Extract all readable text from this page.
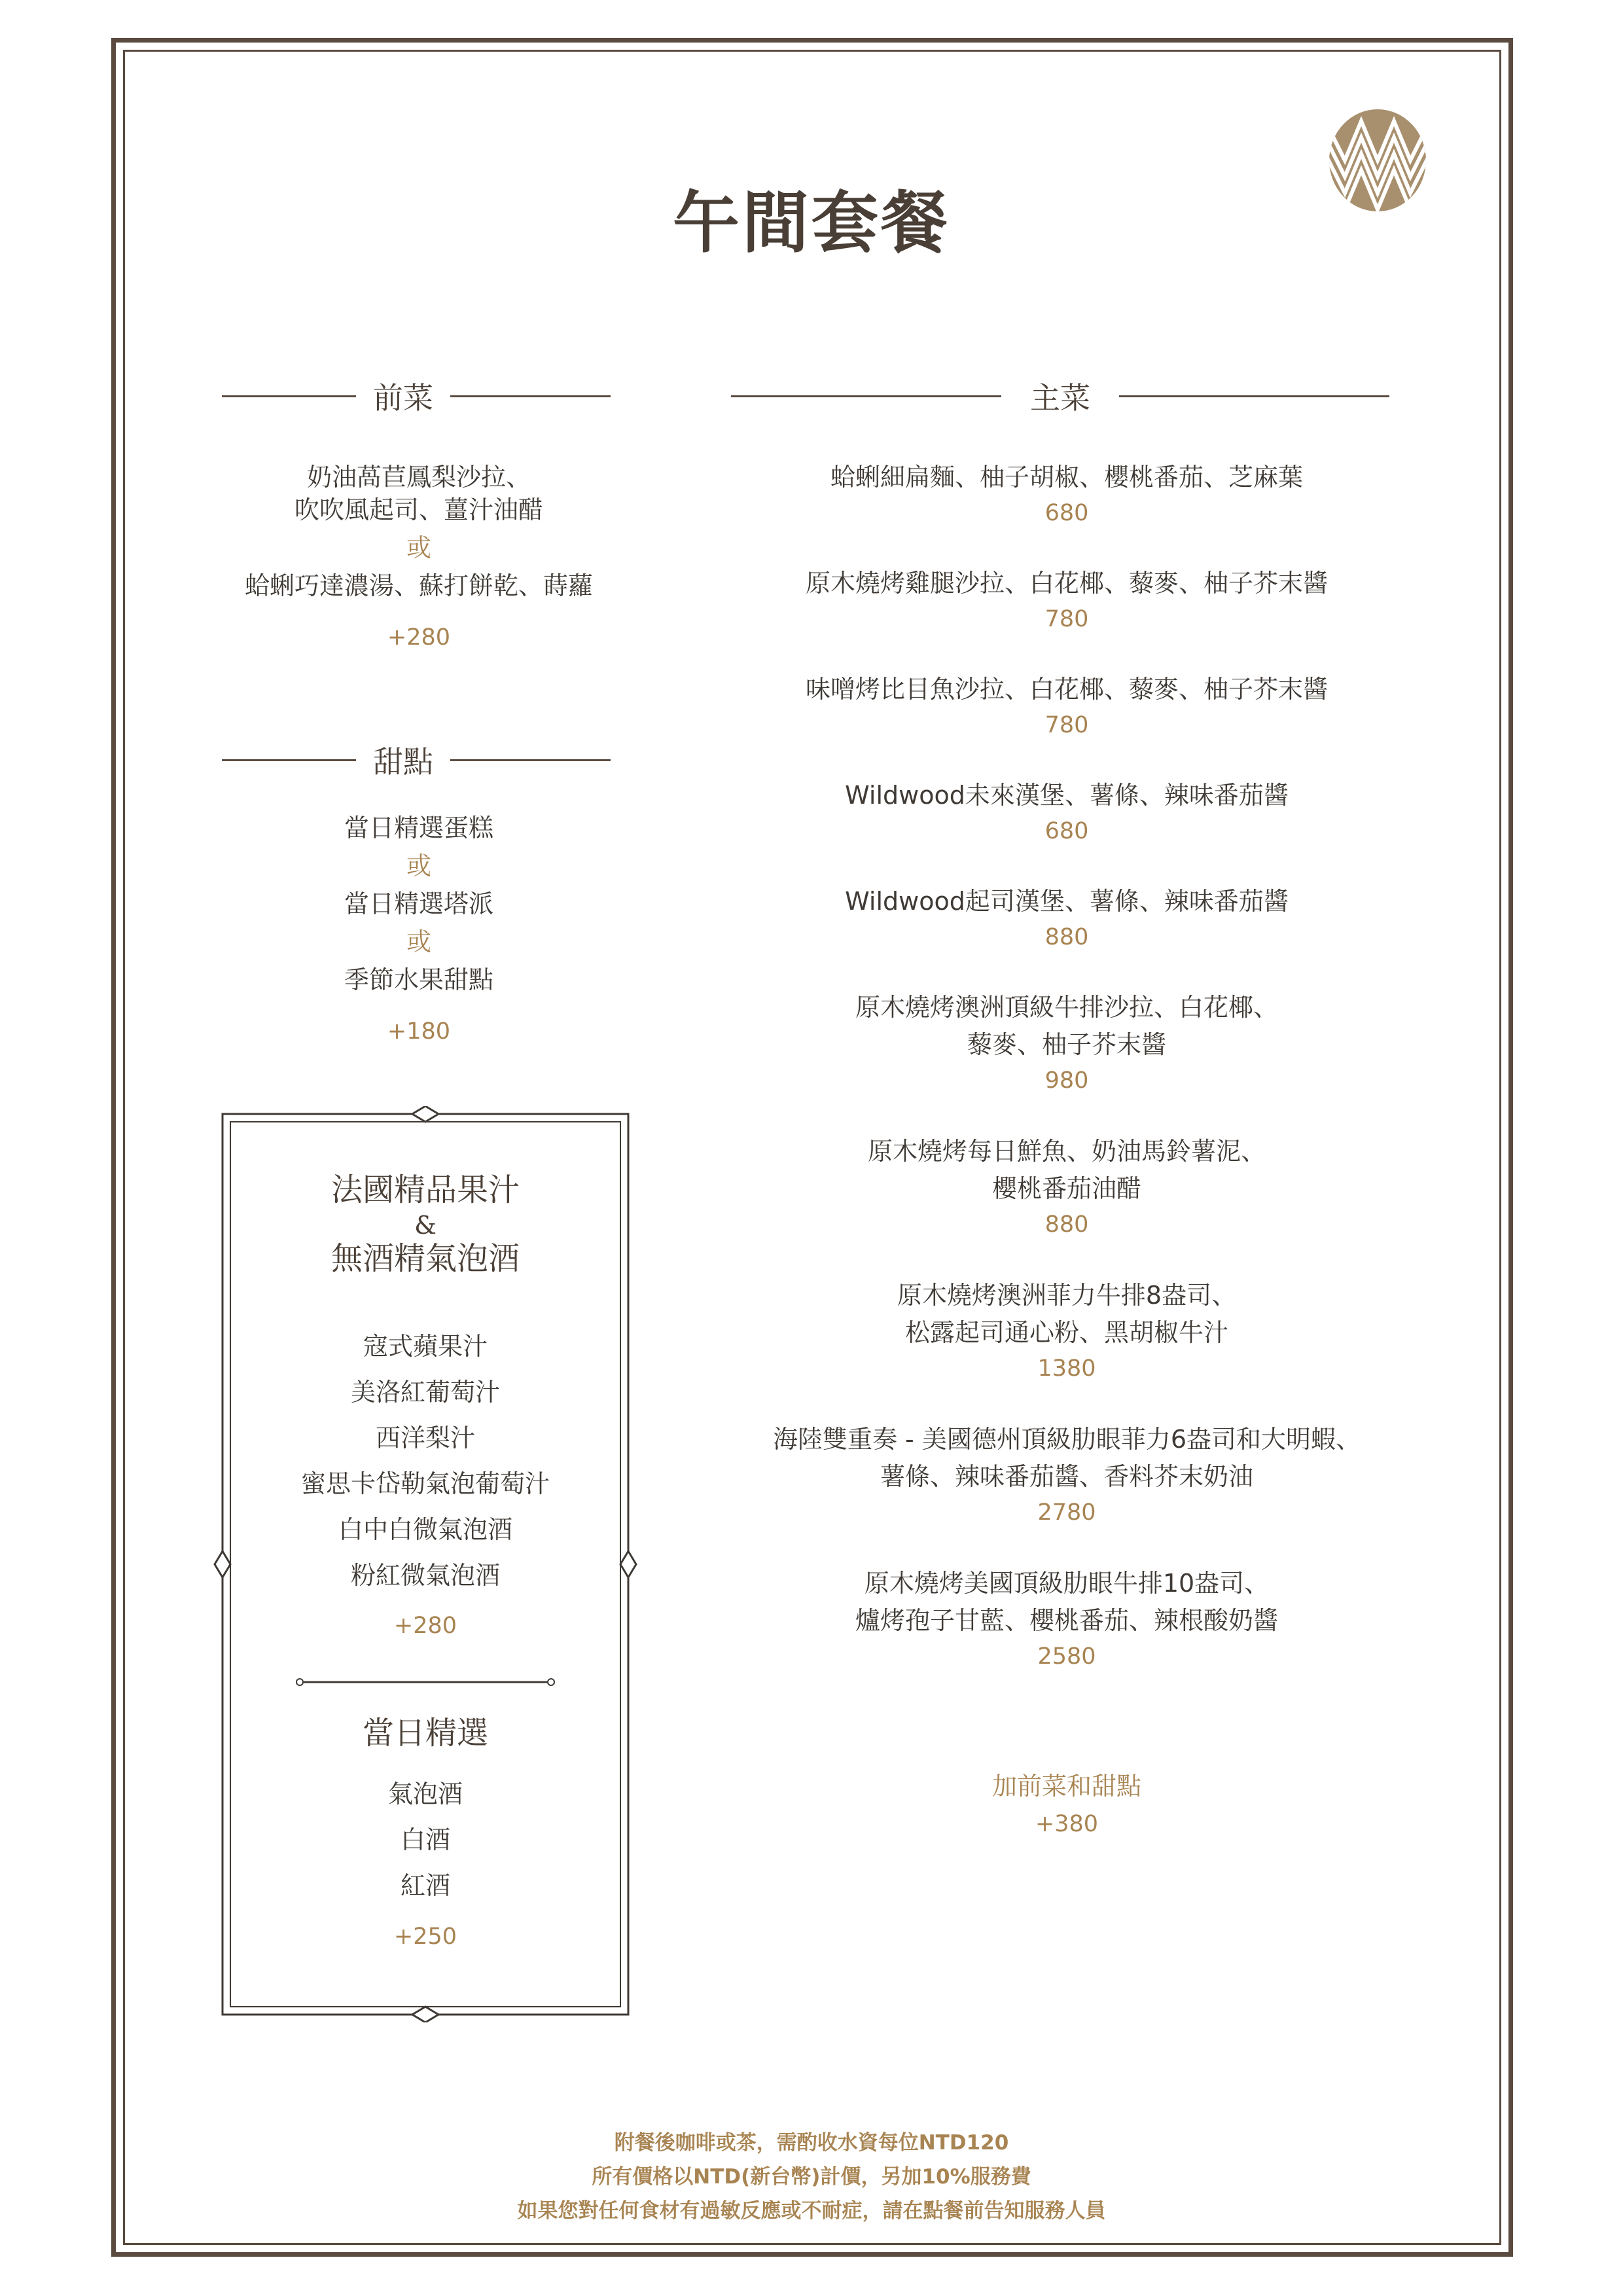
午間套餐
前菜
奶油萵苣鳳梨沙拉、
吹吹風起司、薑汁油醋
或
蛤蜊巧達濃湯、蘇打餅乾、蒔蘿
+280
甜點
當日精選蛋糕
或
當日精選塔派
或
季節水果甜點
+180
法國精品果汁
&
無酒精氣泡酒
寇式蘋果汁
美洛紅葡萄汁
西洋梨汁
蜜思卡岱勒氣泡葡萄汁
白中白微氣泡酒
粉紅微氣泡酒
+280
當日精選
氣泡酒
白酒
紅酒
+250
主菜
蛤蜊細扁麵、柚子胡椒、櫻桃番茄、芝麻葉
680
原木燒烤雞腿沙拉、白花椰、藜麥、柚子芥末醬
780
味噌烤比目魚沙拉、白花椰、藜麥、柚子芥末醬
780
Wildwood未來漢堡、薯條、辣味番茄醬
680
Wildwood起司漢堡、薯條、辣味番茄醬
880
原木燒烤澳洲頂級牛排沙拉、白花椰、
藜麥、柚子芥末醬
980
原木燒烤每日鮮魚、奶油馬鈴薯泥、
櫻桃番茄油醋
880
原木燒烤澳洲菲力牛排8盎司、
松露起司通心粉、黑胡椒牛汁
1380
海陸雙重奏 - 美國德州頂級肋眼菲力6盎司和大明蝦、
薯條、辣味番茄醬、香料芥末奶油
2780
原木燒烤美國頂級肋眼牛排10盎司、
爐烤孢子甘藍、櫻桃番茄、辣根酸奶醬
2580
加前菜和甜點
+380
附餐後咖啡或茶，需酌收水資每位NTD120
所有價格以NTD(新台幣)計價，另加10%服務費
如果您對任何食材有過敏反應或不耐症，請在點餐前告知服務人員
